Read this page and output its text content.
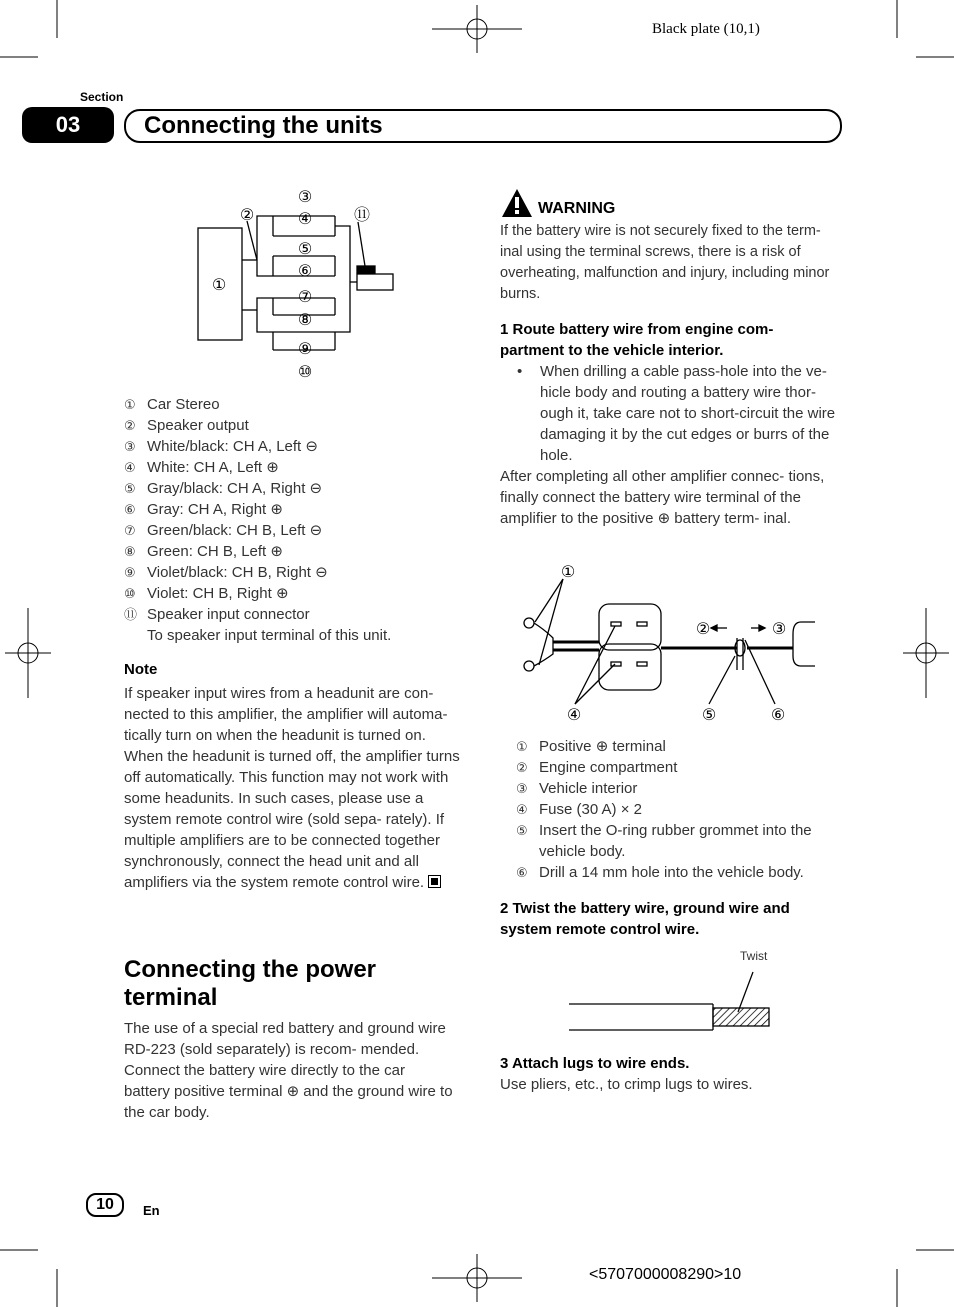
Black plate (10,1)
Section
03	Connecting the units
②
③
④
⑤
⑥
⑦
⑧
⑨
⑩
⑪
①
① Car Stereo
② Speaker output
③ White/black: CH A, Left ⊖
④ White: CH A, Left ⊕
⑤ Gray/black: CH A, Right ⊖
⑥ Gray: CH A, Right ⊕
⑦ Green/black: CH B, Left ⊖
⑧ Green: CH B, Left ⊕
⑨ Violet/black: CH B, Right ⊖
⑩ Violet: CH B, Right ⊕
⑪ Speaker input connector
To speaker input terminal of this unit.
Note
If speaker input wires from a headunit are con- nected to this amplifier, the amplifier will automa- tically turn on when the headunit is turned on. When the headunit is turned off, the amplifier turns off automatically. This function may not work with some headunits. In such cases, please use a system remote control wire (sold sepa- rately). If multiple amplifiers are to be connected together synchronously, connect the head unit and all amplifiers via the system remote control wire.
Connecting the power
terminal
The use of a special red battery and ground wire RD-223 (sold separately) is recom- mended. Connect the battery wire directly to the car battery positive terminal ⊕ and the ground wire to the car body.
WARNING
If the battery wire is not securely fixed to the term- inal using the terminal screws, there is a risk of overheating, malfunction and injury, including minor burns.
1 Route battery wire from engine com- partment to the vehicle interior.
• When drilling a cable pass-hole into the ve- hicle body and routing a battery wire thor- ough it, take care not to short-circuit the wire damaging it by the cut edges or burrs of the hole.
After completing all other amplifier connec- tions, finally connect the battery wire terminal of the amplifier to the positive ⊕ battery term- inal.
①
②	③
④	⑤	⑥
① Positive ⊕ terminal
② Engine compartment
③ Vehicle interior
④ Fuse (30 A) × 2
⑤ Insert the O-ring rubber grommet into the vehicle body.
⑥ Drill a 14 mm hole into the vehicle body.
2 Twist the battery wire, ground wire and system remote control wire.
Twist
3 Attach lugs to wire ends.
Use pliers, etc., to crimp lugs to wires.
10	En
<5707000008290>10
